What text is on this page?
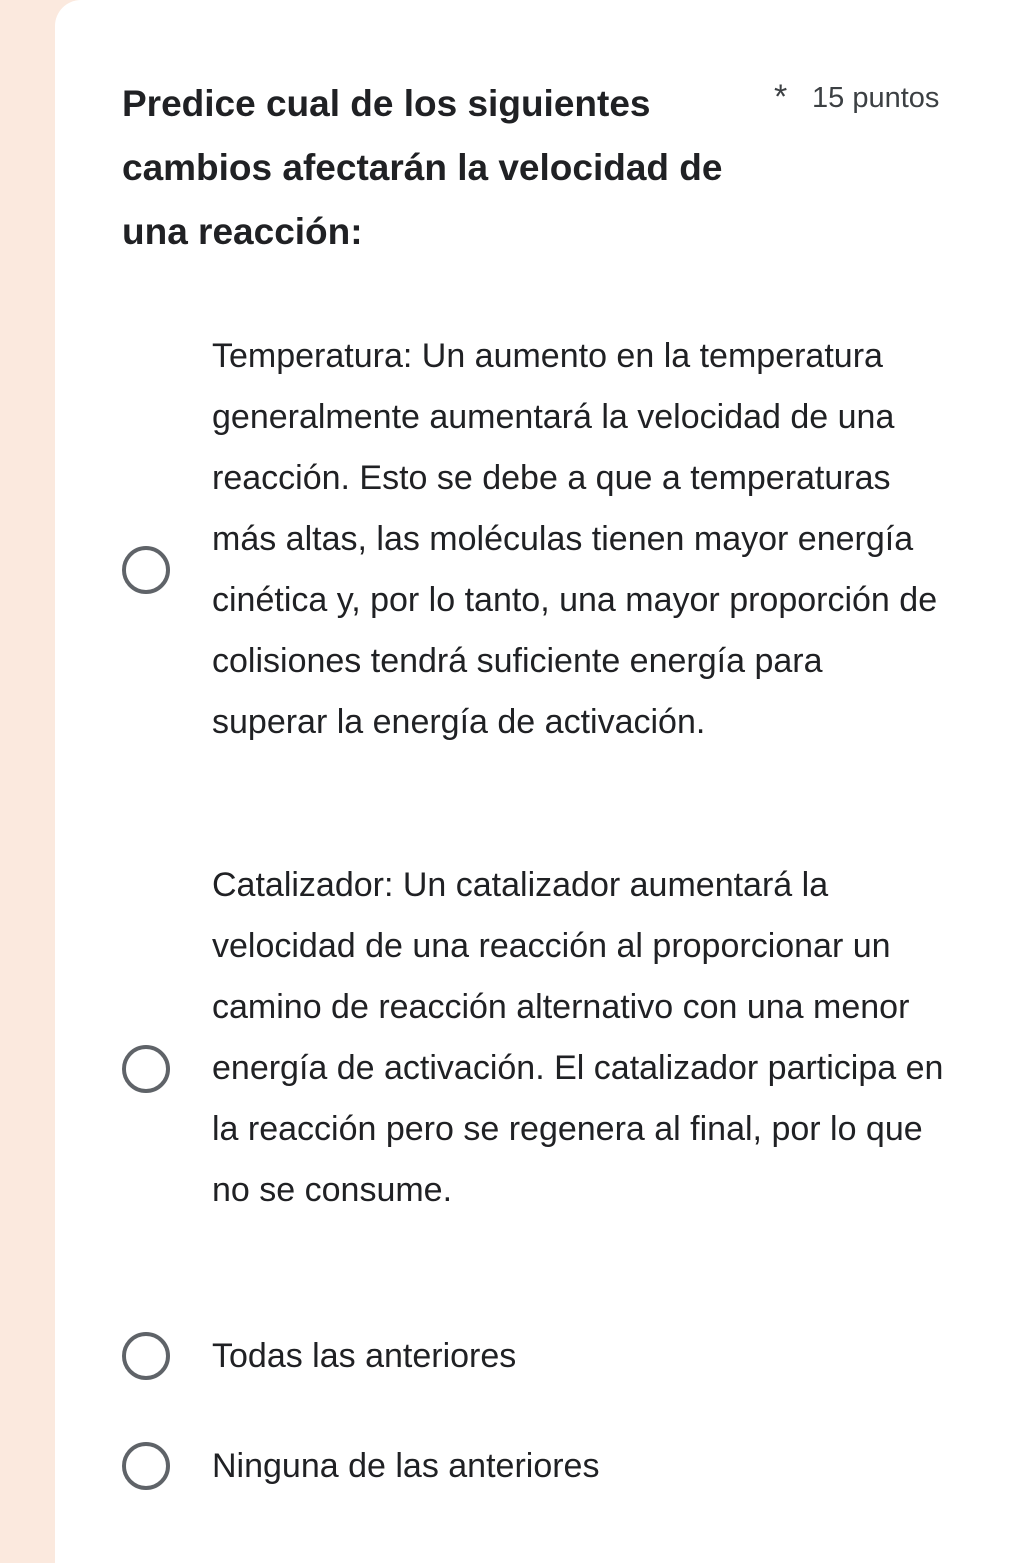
Predice cual de los siguientes cambios afectarán la velocidad de una reacción:

* 15 puntos

Temperatura: Un aumento en la temperatura generalmente aumentará la velocidad de una reacción. Esto se debe a que a temperaturas más altas, las moléculas tienen mayor energía cinética y, por lo tanto, una mayor proporción de colisiones tendrá suficiente energía para superar la energía de activación.

Catalizador: Un catalizador aumentará la velocidad de una reacción al proporcionar un camino de reacción alternativo con una menor energía de activación. El catalizador participa en la reacción pero se regenera al final, por lo que no se consume.

Todas las anteriores

Ninguna de las anteriores
